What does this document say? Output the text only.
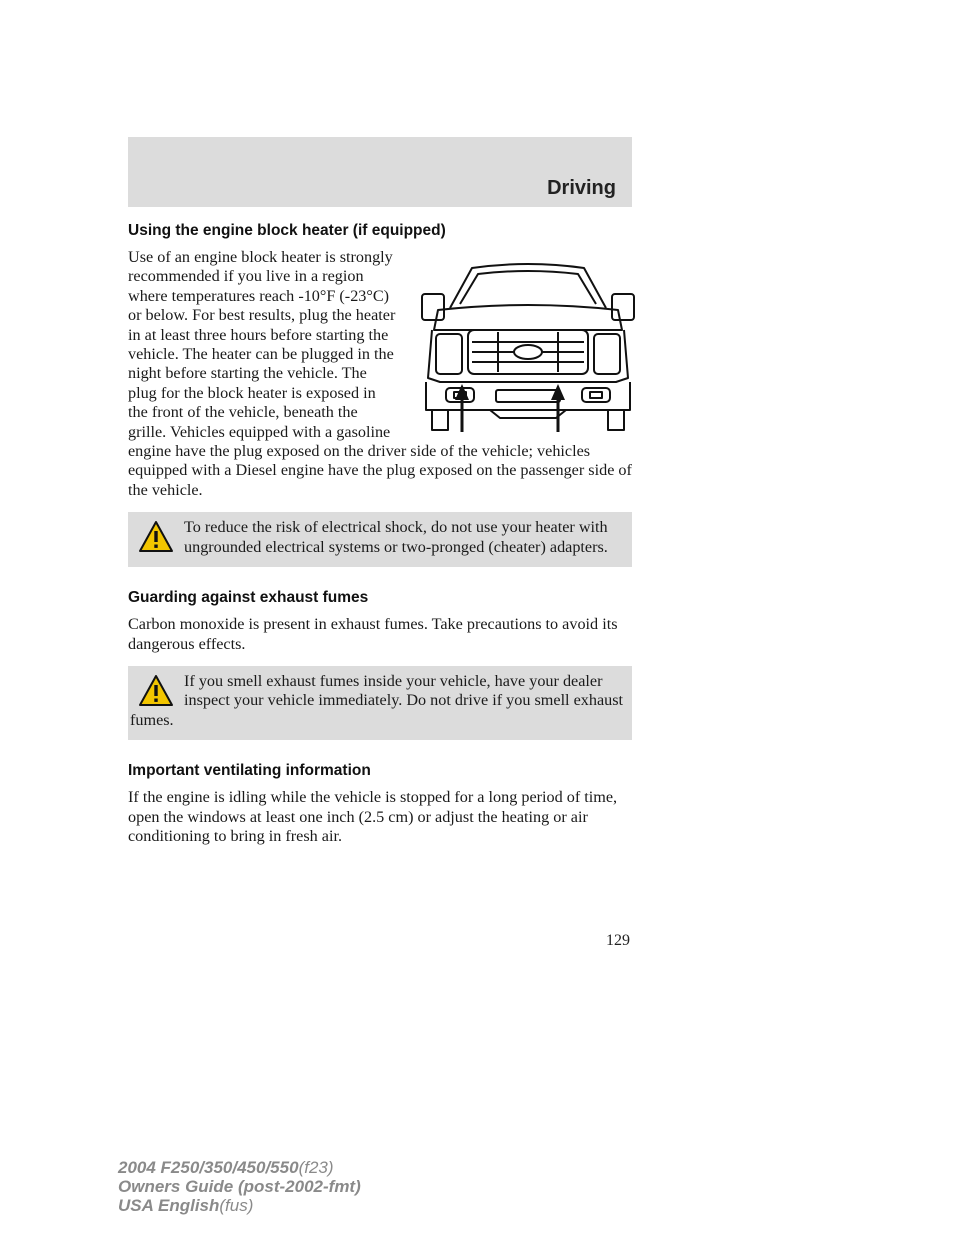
Driving
Using the engine block heater (if equipped)

Use of an engine block heater is strongly recommended if you live in a region where temperatures reach -10°F (-23°C) or below. For best results, plug the heater in at least three hours before starting the vehicle. The heater can be plugged in the night before starting the vehicle. The plug for the block heater is exposed in the front of the vehicle, beneath the grille. Vehicles equipped with a gasoline engine have the plug exposed on the driver side of the vehicle; vehicles equipped with a Diesel engine have the plug exposed on the passenger side of the vehicle.

To reduce the risk of electrical shock, do not use your heater with ungrounded electrical systems or two-pronged (cheater) adapters.
Guarding against exhaust fumes

Carbon monoxide is present in exhaust fumes. Take precautions to avoid its dangerous effects.

If you smell exhaust fumes inside your vehicle, have your dealer inspect your vehicle immediately. Do not drive if you smell exhaust fumes.
Important ventilating information

If the engine is idling while the vehicle is stopped for a long period of time, open the windows at least one inch (2.5 cm) or adjust the heating or air conditioning to bring in fresh air.

129
2004 F250/350/450/550(f23)
Owners Guide (post-2002-fmt)
USA English(fus)
